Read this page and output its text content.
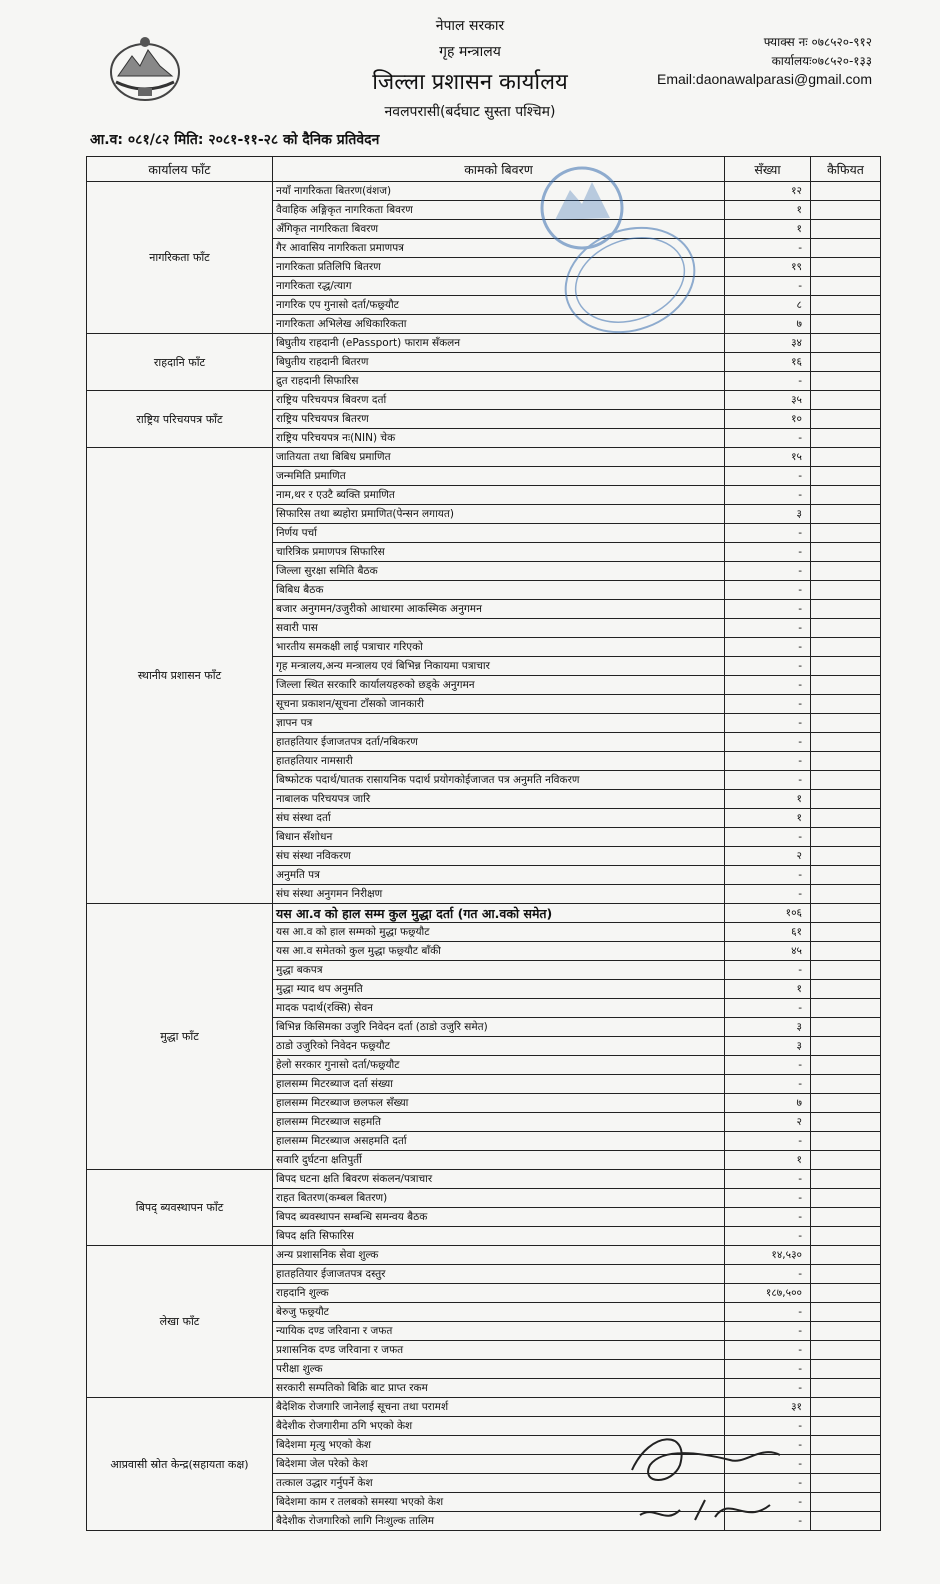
नेपाल सरकार
गृह मन्त्रालय
जिल्ला प्रशासन कार्यालय
नवलपरासी(बर्दघाट सुस्ता पश्चिम)
फ्याक्स नः ०७८५२०-९१२
कार्यालयः०७८५२०-१३३
Email:daonawalparasi@gmail.com
आ.व: ०८१/८२ मिति: २०८१-११-२८ को दैनिक प्रतिवेदन
कार्यालय फाँट	कामको बिवरण	सँख्या	कैफियत
नागरिकता फाँट	नयाँ नागरिकता बितरण(वंशज)	१२	
	वैवाहिक अङ्गिकृत नागरिकता बिवरण	१	
	अँगिकृत नागरिकता बिवरण	१	
	गैर आवासिय नागरिकता प्रमाणपत्र	-	
	नागरिकता प्रतिलिपि बितरण	१९	
	नागरिकता रद्ध/त्याग	-	
	नागरिक एप गुनासो दर्ता/फछ्र्यौट	८	
	नागरिकता अभिलेख अधिकारिकता	७	
राहदानि फाँट	बिघुतीय राहदानी (ePassport) फाराम सँकलन	३४	
	बिघुतीय राहदानी बितरण	१६	
	द्रुत राहदानी सिफारिस	-	
राष्ट्रिय परिचयपत्र फाँट	राष्ट्रिय परिचयपत्र बिवरण दर्ता	३५	
	राष्ट्रिय परिचयपत्र बितरण	१०	
	राष्ट्रिय परिचयपत्र नः(NIN) चेक	-	
स्थानीय प्रशासन फाँट	जातियता तथा बिबिध प्रमाणित	१५	
	जन्ममिति प्रमाणित	-	
	नाम,थर र एउटै ब्यक्ति प्रमाणित	-	
	सिफारिस तथा ब्यहोरा प्रमाणित(पेन्सन लगायत)	३	
	निर्णय पर्चा	-	
	चारित्रिक प्रमाणपत्र सिफारिस	-	
	जिल्ला सुरक्षा समिति बैठक	-	
	बिबिध बैठक	-	
	बजार अनुगमन/उजुरीको आधारमा आकस्मिक अनुगमन	-	
	सवारी पास	-	
	भारतीय समकक्षी लाई पत्राचार गरिएको	-	
	गृह मन्त्रालय,अन्य मन्त्रालय एवं बिभिन्न निकायमा पत्राचार	-	
	जिल्ला स्थित सरकारि कार्यालयहरुको छड्के अनुगमन	-	
	सूचना प्रकाशन/सूचना टाँसको जानकारी	-	
	ज्ञापन पत्र	-	
	हातहतियार ईजाजतपत्र दर्ता/नबिकरण	-	
	हातहतियार नामसारी	-	
	बिष्फोटक पदार्थ/घातक रासायनिक पदार्थ प्रयोगकोईजाजत पत्र अनुमति नविकरण	-	
	नाबालक परिचयपत्र जारि	१	
	संघ संस्था दर्ता	१	
	बिधान सँशोधन	-	
	संघ संस्था नविकरण	२	
	अनुमति पत्र	-	
	संघ संस्था अनुगमन निरीक्षण	-	
मुद्धा फाँट	यस आ.व को हाल सम्म कुल मुद्धा दर्ता (गत आ.वको समेत)	१०६	
	यस आ.व को हाल सम्मको मुद्धा फछ्र्यौट	६१	
	यस आ.व समेतको कुल मुद्धा फछ्र्यौट बाँकी	४५	
	मुद्धा बकपत्र	-	
	मुद्धा म्याद थप अनुमति	१	
	मादक पदार्थ(रक्सि) सेवन	-	
	बिभिन्न किसिमका उजुरि निवेदन दर्ता (ठाडो उजुरि समेत)	३	
	ठाडो उजुरिको निवेदन फछ्र्यौट	३	
	हेलो सरकार गुनासो दर्ता/फछ्र्यौट	-	
	हालसम्म मिटरब्याज दर्ता संख्या	-	
	हालसम्म मिटरब्याज छलफल सँख्या	७	
	हालसम्म मिटरब्याज सहमति	२	
	हालसम्म मिटरब्याज असहमति दर्ता	-	
	सवारि दुर्घटना क्षतिपुर्ती	१	
बिपद् ब्यवस्थापन फाँट	बिपद घटना क्षति बिवरण संकलन/पत्राचार	-	
	राहत बितरण(कम्बल बितरण)	-	
	बिपद ब्यवस्थापन सम्बन्धि समन्वय बैठक	-	
	बिपद क्षति सिफारिस	-	
लेखा फाँट	अन्य प्रशासनिक सेवा शुल्क	१४,५३०	
	हातहतियार ईजाजतपत्र दस्तुर	-	
	राहदानि शुल्क	१८७,५००	
	बेरुजु फछ्र्यौट	-	
	न्यायिक दण्ड जरिवाना र जफत	-	
	प्रशासनिक दण्ड जरिवाना र जफत	-	
	परीक्षा शुल्क	-	
	सरकारी सम्पतिको बिक्रि बाट प्राप्त रकम	-	
आप्रवासी स्रोत केन्द्र(सहायता कक्ष)	बैदेशिक रोजगारि जानेलाई सूचना तथा परामर्श	३१	
	बैदेशीक रोजगारीमा ठगि भएको केश	-	
	बिदेशमा मृत्यु भएको केश	-	
	बिदेशमा जेल परेको केश	-	
	तत्काल उद्धार गर्नुपर्ने केश	-	
	बिदेशमा काम र तलबको समस्या भएको केश	-	
	बैदेशीक रोजगारिको लागि निःशुल्क तालिम	-	
